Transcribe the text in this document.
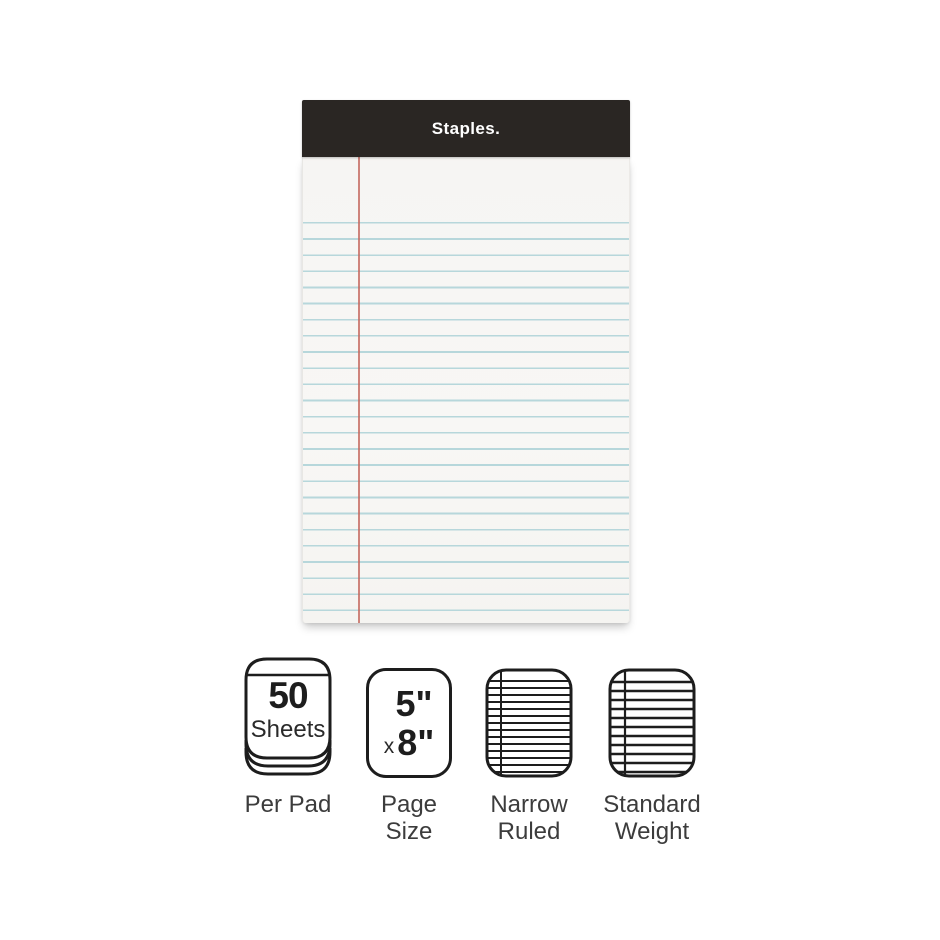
Staples.
50
Sheets
Per Pad
5"
x 8"
Page
Size
Narrow
Ruled
Standard
Weight
